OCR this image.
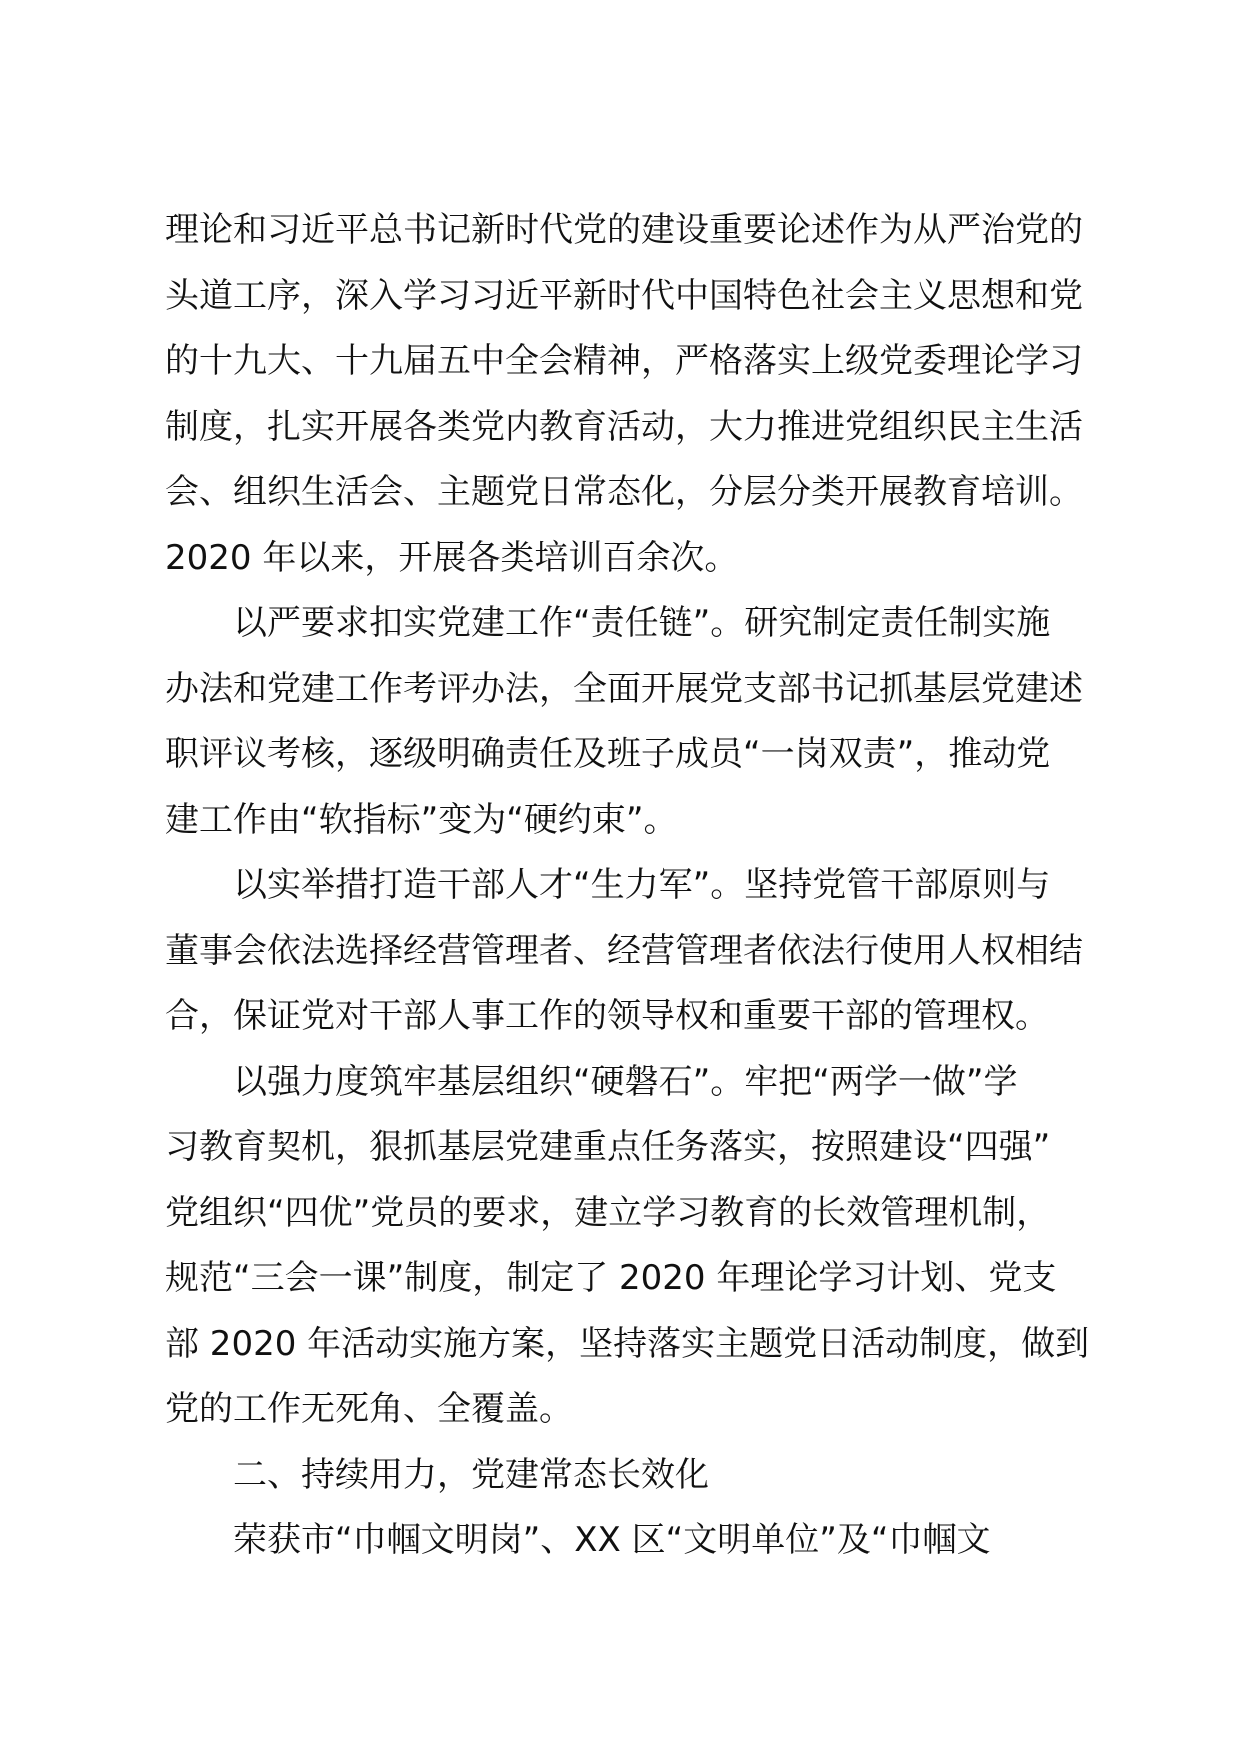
理论和习近平总书记新时代党的建设重要论述作为从严治党的
头道工序，深入学习习近平新时代中国特色社会主义思想和党
的十九大、十九届五中全会精神，严格落实上级党委理论学习
制度，扎实开展各类党内教育活动，大力推进党组织民主生活
会、组织生活会、主题党日常态化，分层分类开展教育培训。
2020 年以来，开展各类培训百余次。
以严要求扣实党建工作“责任链”。研究制定责任制实施
办法和党建工作考评办法，全面开展党支部书记抓基层党建述
职评议考核，逐级明确责任及班子成员“一岗双责”，推动党
建工作由“软指标”变为“硬约束”。
以实举措打造干部人才“生力军”。坚持党管干部原则与
董事会依法选择经营管理者、经营管理者依法行使用人权相结
合，保证党对干部人事工作的领导权和重要干部的管理权。
以强力度筑牢基层组织“硬磐石”。牢把“两学一做”学
习教育契机，狠抓基层党建重点任务落实，按照建设“四强”
党组织“四优”党员的要求，建立学习教育的长效管理机制，
规范“三会一课”制度，制定了 2020 年理论学习计划、党支
部 2020 年活动实施方案，坚持落实主题党日活动制度，做到
党的工作无死角、全覆盖。
二、持续用力，党建常态长效化
荣获市“巾帼文明岗”、XX 区“文明单位”及“巾帼文
